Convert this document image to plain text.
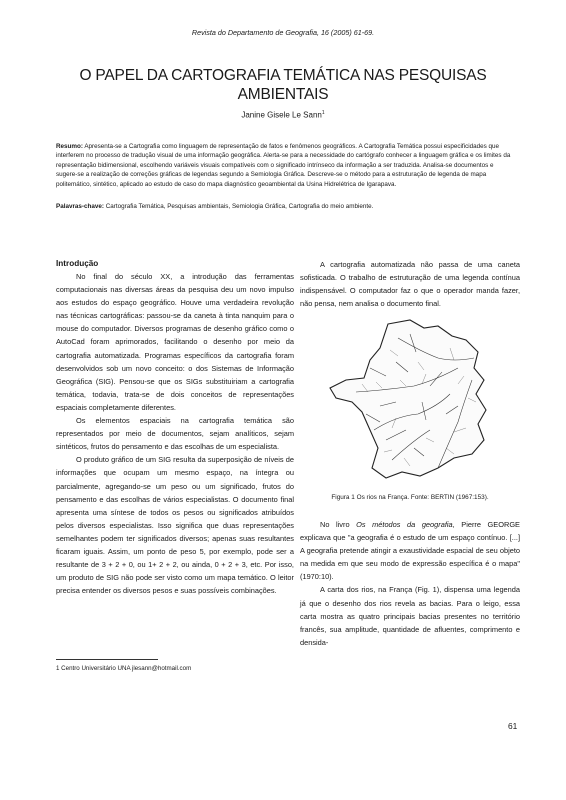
Revista do Departamento de Geografia, 16 (2005) 61-69.
O PAPEL DA CARTOGRAFIA TEMÁTICA NAS PESQUISAS AMBIENTAIS
Janine Gisele Le Sann$^1$
Resumo: Apresenta-se a Cartografia como linguagem de representação de fatos e fenômenos geográficos. A Cartografia Temática possui especificidades que interferem no processo de tradução visual de uma informação geográfica. Alerta-se para a necessidade do cartógrafo conhecer a linguagem gráfica e os limites da representação bidimensional, escolhendo variáveis visuais compatíveis com o significado intrínseco da informação a ser traduzida. Analisa-se documentos e sugere-se a realização de correções gráficas de legendas segundo a Semiologia Gráfica. Descreve-se o método para a estruturação de legenda de mapa politemático, sintético, aplicado ao estudo de caso do mapa diagnóstico geoambiental da Usina Hidrelétrica de Igarapava.
Palavras-chave: Cartografia Temática, Pesquisas ambientais, Semiologia Gráfica, Cartografia do meio ambiente.
Introdução

No final do século XX, a introdução das ferramentas computacionais nas diversas áreas da pesquisa deu um novo impulso aos estudos do espaço geográfico. Houve uma verdadeira revolução nas técnicas cartográficas: passou-se da caneta à tinta nanquim para o mouse do computador. Diversos programas de desenho gráfico como o AutoCad foram aprimorados, facilitando o desenho por meio da cartografia automatizada. Programas específicos da cartografia foram desenvolvidos sob um novo conceito: o dos Sistemas de Informação Geográfica (SIG). Pensou-se que os SIGs substituiriam a cartografia temática, todavia, trata-se de dois conceitos de representações espaciais completamente diferentes.

Os elementos espaciais na cartografia temática são representados por meio de documentos, sejam analíticos, sejam sintéticos, frutos do pensamento e das escolhas de um especialista.

O produto gráfico de um SIG resulta da superposição de níveis de informações que ocupam um mesmo espaço, na íntegra ou parcialmente, agregando-se um peso ou um significado, frutos do pensamento e das escolhas de vários especialistas. O documento final apresenta uma síntese de todos os pesos ou significados atribuídos pelos diversos especialistas. Isso significa que duas representações semelhantes podem ter significados diversos; apenas suas resultantes ficaram iguais. Assim, um ponto de peso 5, por exemplo, pode ser a resultante de 3 + 2 + 0, ou 1+ 2 + 2, ou ainda, 0 + 2 + 3, etc. Por isso, um produto de SIG não pode ser visto como um mapa temático. O leitor precisa entender os diversos pesos e suas possíveis combinações.

A cartografia automatizada não passa de uma caneta sofisticada. O trabalho de estruturação de uma legenda contínua indispensável. O computador faz o que o operador manda fazer, não pensa, nem analisa o documento final.

Figura 1 Os rios na França. Fonte: BERTIN (1967:153).

No livro Os métodos da geografia, Pierre GEORGE explicava que "a geografia é o estudo de um espaço contínuo. [...] A geografia pretende atingir a exaustividade espacial de seu objeto na medida em que seu modo de expressão específica é o mapa" (1970:10).

A carta dos rios, na França (Fig. 1), dispensa uma legenda já que o desenho dos rios revela as bacias. Para o leigo, essa carta mostra as quatro principais bacias presentes no território francês, sua amplitude, quantidade de afluentes, comprimento e densida-

1 Centro Universitário UNA jlesann@hotmail.com
61
